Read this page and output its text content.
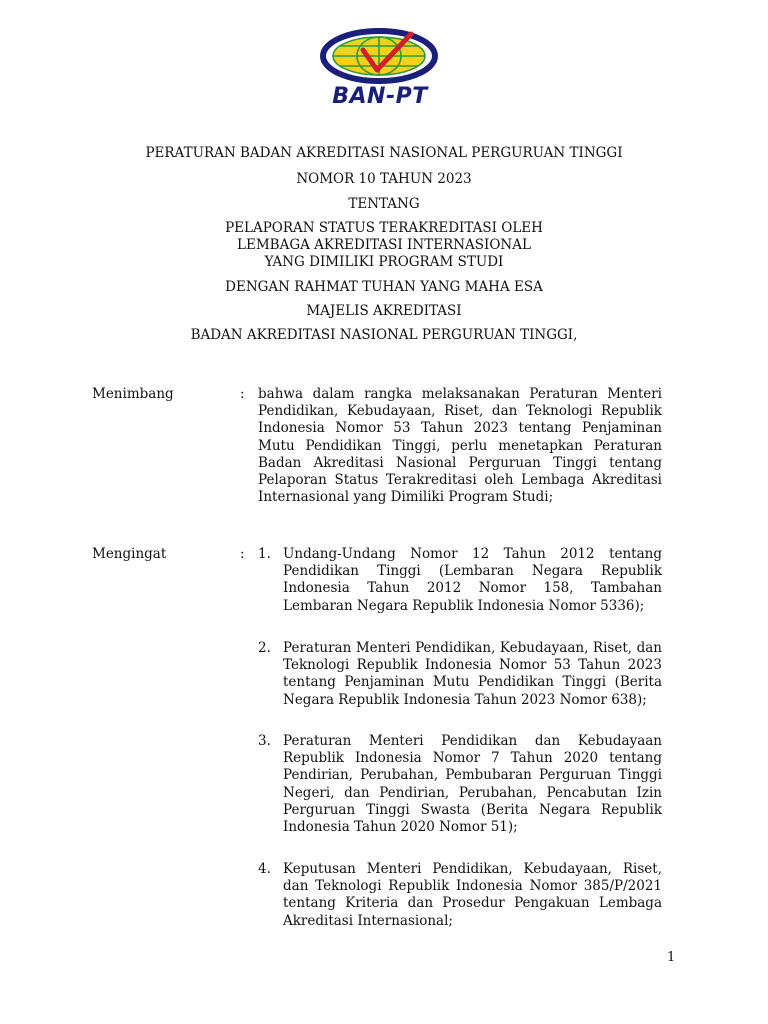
BAN-PT
PERATURAN BADAN AKREDITASI NASIONAL PERGURUAN TINGGI
NOMOR 10 TAHUN 2023
TENTANG
PELAPORAN STATUS TERAKREDITASI OLEH
LEMBAGA AKREDITASI INTERNASIONAL
YANG DIMILIKI PROGRAM STUDI
DENGAN RAHMAT TUHAN YANG MAHA ESA
MAJELIS AKREDITASI
BADAN AKREDITASI NASIONAL PERGURUAN TINGGI,
Menimbang	: bahwa dalam rangka melaksanakan Peraturan Menteri Pendidikan, Kebudayaan, Riset, dan Teknologi Republik Indonesia Nomor 53 Tahun 2023 tentang Penjaminan Mutu Pendidikan Tinggi, perlu menetapkan Peraturan Badan Akreditasi Nasional Perguruan Tinggi tentang Pelaporan Status Terakreditasi oleh Lembaga Akreditasi Internasional yang Dimiliki Program Studi;
Mengingat	: 1. Undang-Undang Nomor 12 Tahun 2012 tentang Pendidikan Tinggi (Lembaran Negara Republik Indonesia Tahun 2012 Nomor 158, Tambahan Lembaran Negara Republik Indonesia Nomor 5336);
2. Peraturan Menteri Pendidikan, Kebudayaan, Riset, dan Teknologi Republik Indonesia Nomor 53 Tahun 2023 tentang Penjaminan Mutu Pendidikan Tinggi (Berita Negara Republik Indonesia Tahun 2023 Nomor 638);
3. Peraturan Menteri Pendidikan dan Kebudayaan Republik Indonesia Nomor 7 Tahun 2020 tentang Pendirian, Perubahan, Pembubaran Perguruan Tinggi Negeri, dan Pendirian, Perubahan, Pencabutan Izin Perguruan Tinggi Swasta (Berita Negara Republik Indonesia Tahun 2020 Nomor 51);
4. Keputusan Menteri Pendidikan, Kebudayaan, Riset, dan Teknologi Republik Indonesia Nomor 385/P/2021 tentang Kriteria dan Prosedur Pengakuan Lembaga Akreditasi Internasional;
1
